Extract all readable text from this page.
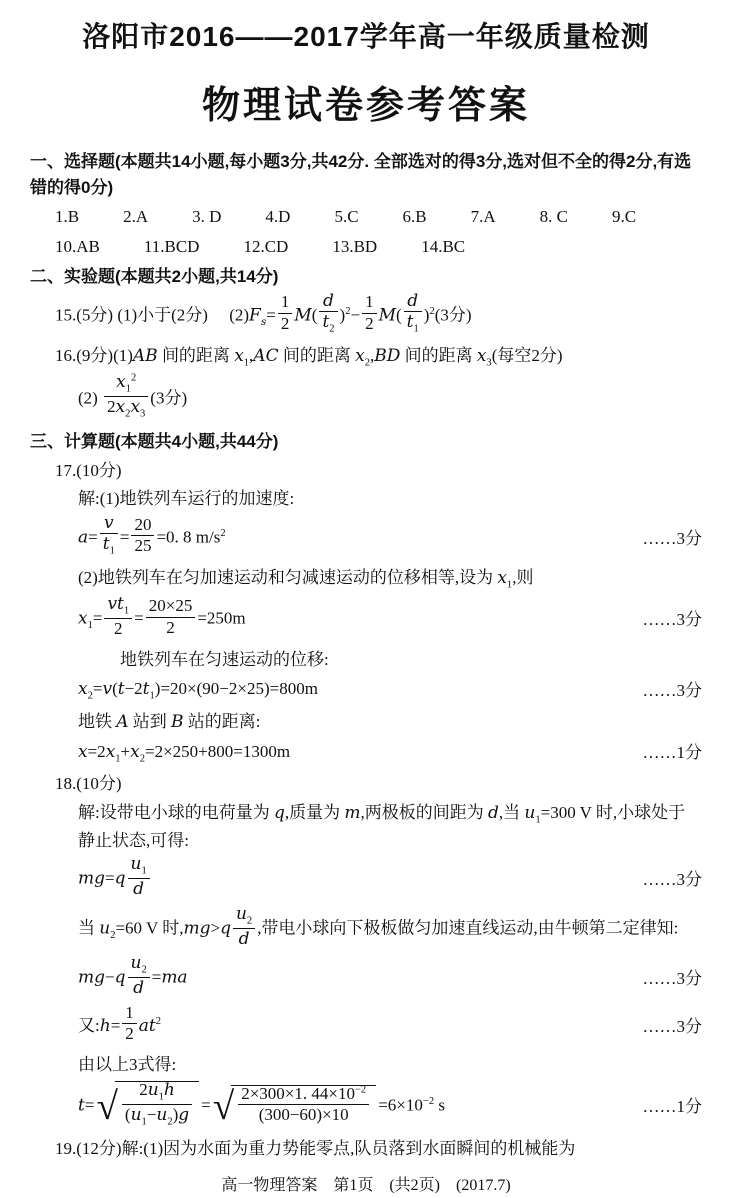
洛阳市2016——2017学年高一年级质量检测
物理试卷参考答案

一、选择题(本题共14小题,每小题3分,共42分. 全部选对的得3分,选对但不全的得2分,有选错的得0分)

1.B	2.A	3. D	4.D	5.C	6.B	7.A	8. C	9.C
10.AB	11.BCD	12.CD	13.BD	14.BC

二、实验题(本题共2小题,共14分)

15.(5分) (1)小于(2分)　 $(2)F_s= \frac{1}{2} M( \frac{d}{t_2} )^2- \frac{1}{2} M( \frac{d}{t_1} )^2(3$分)
16.(9分)(1)AB 间的距离 $x_1,AC$ 间的距离 $x_2,BD$ 间的距离 $x_3$(每空2分)
$(2) \frac{x_1^2}{2x_2x_3} (3$分)

三、计算题(本题共4小题,共44分)

17.(10分)

解:(1)地铁列车运行的加速度:

$a= \frac{v}{t_1} = \frac{20}{25} =0$. 8 $m/s^2$	……3分

(2)地铁列车在匀加速运动和匀减速运动的位移相等,设为 $x_1$,则

$x_1= \frac{vt_1}{2} = \frac{20\times 25}{2} =250m$	……3分

地铁列车在匀速运动的位移:

$x_2=v(t-2t_1)=20\times(90-2\times 25)=800m$	……3分

地铁 A 站到 B 站的距离:

$x=2x_1+x_2=2\times 250+800=1300m$	……1分

18.(10分)

解:设带电小球的电荷量为 q,质量为 m,两极板的间距为 d,当 $u_1=300$ V 时,小球处于静止状态,可得:

$mg=q \frac{u_1}{d}$	……3分

当 $u_2=60$ V 时$,mg>q \frac{u_2}{d}$ ,带电小球向下极板做匀加速直线运动,由牛顿第二定律知:

$mg-q \frac{u_2}{d} =ma$	……3分
又:h= $\frac{1}{2} at^2$	……3分

由以上3式得:

t= √ $\frac{2u_1h}{(u_1-u_2)g}$ = √ $\frac{2\times 300\times 1. 44\times 10^{-2}}{(300-60)\times 10} =6\times 10^{-2}$ s	……1分

19.(12分)解:(1)因为水面为重力势能零点,队员落到水面瞬间的机械能为

高一物理答案　第1页　(共2页)　(2017.7)
